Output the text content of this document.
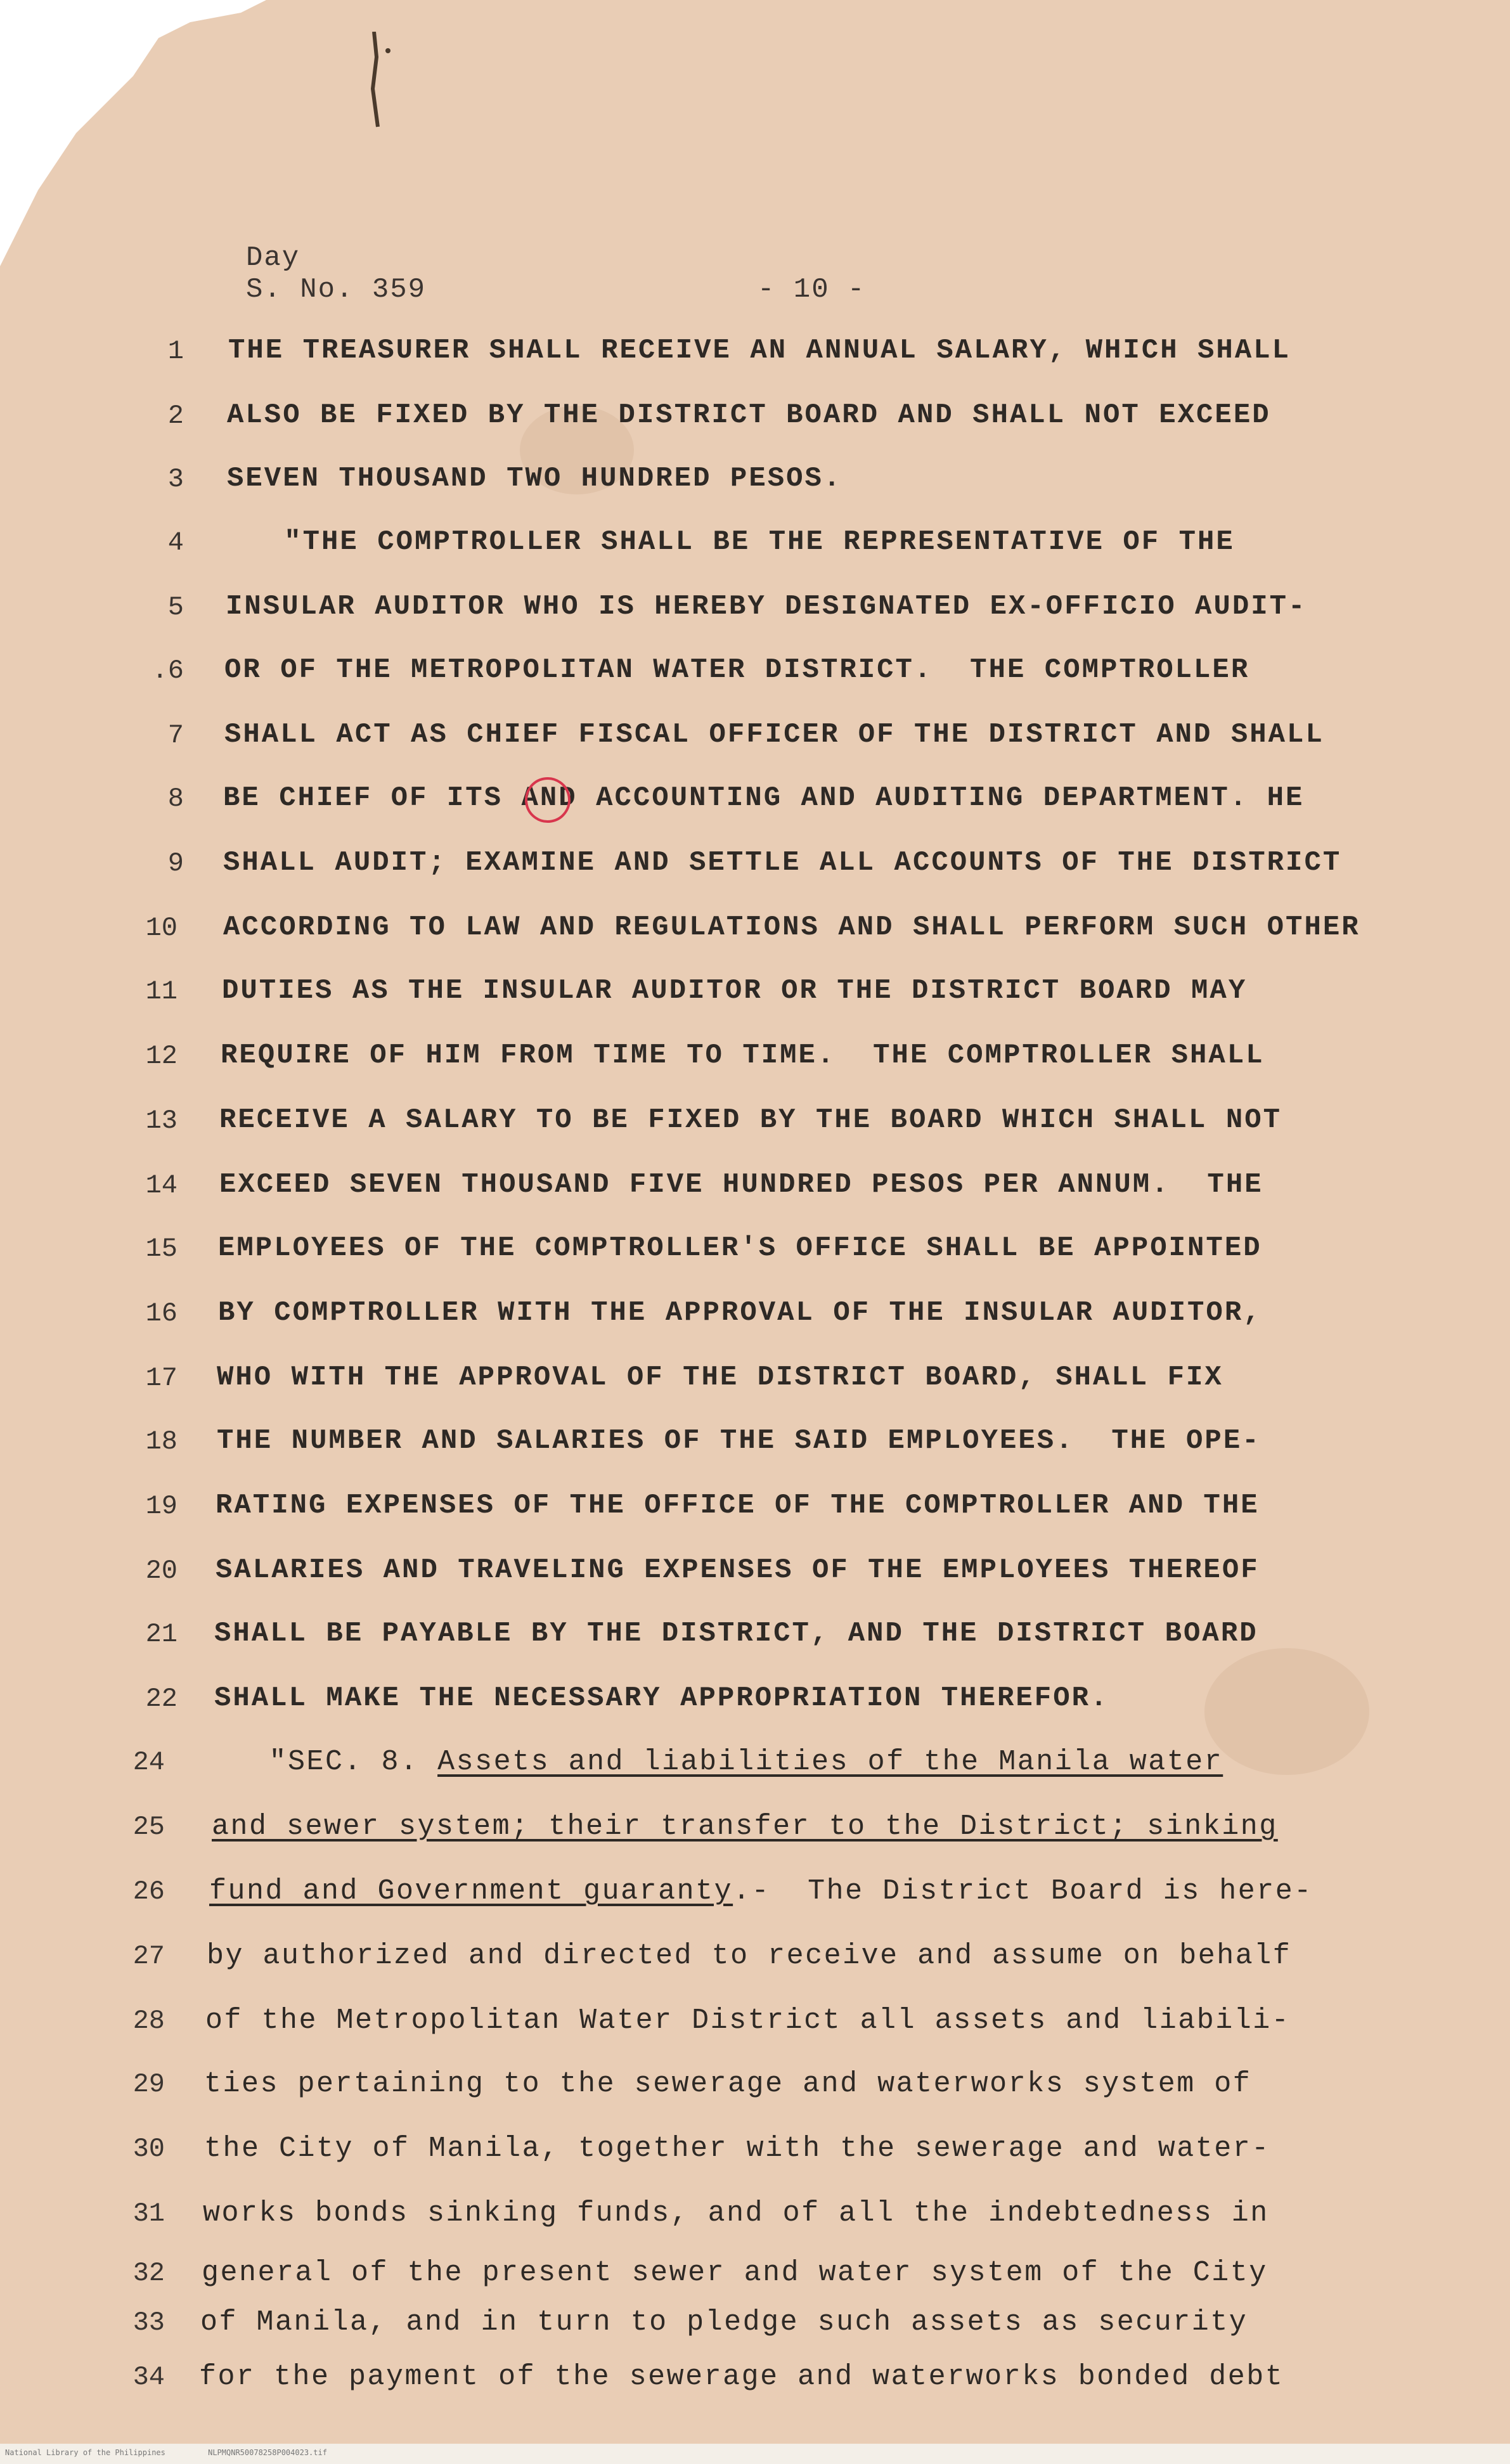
Day
S. No. 359	- 10 -
1 THE TREASURER SHALL RECEIVE AN ANNUAL SALARY, WHICH SHALL
2 ALSO BE FIXED BY THE DISTRICT BOARD AND SHALL NOT EXCEED
3 SEVEN THOUSAND TWO HUNDRED PESOS.
4 "THE COMPTROLLER SHALL BE THE REPRESENTATIVE OF THE
5 INSULAR AUDITOR WHO IS HEREBY DESIGNATED EX-OFFICIO AUDIT-
.6 OR OF THE METROPOLITAN WATER DISTRICT.  THE COMPTROLLER
7 SHALL ACT AS CHIEF FISCAL OFFICER OF THE DISTRICT AND SHALL
8 BE CHIEF OF ITS AND ACCOUNTING AND AUDITING DEPARTMENT. HE
9 SHALL AUDIT; EXAMINE AND SETTLE ALL ACCOUNTS OF THE DISTRICT
10 ACCORDING TO LAW AND REGULATIONS AND SHALL PERFORM SUCH OTHER
11 DUTIES AS THE INSULAR AUDITOR OR THE DISTRICT BOARD MAY
12 REQUIRE OF HIM FROM TIME TO TIME.  THE COMPTROLLER SHALL
13 RECEIVE A SALARY TO BE FIXED BY THE BOARD WHICH SHALL NOT
14 EXCEED SEVEN THOUSAND FIVE HUNDRED PESOS PER ANNUM.  THE
15 EMPLOYEES OF THE COMPTROLLER'S OFFICE SHALL BE APPOINTED
16 BY COMPTROLLER WITH THE APPROVAL OF THE INSULAR AUDITOR,
17 WHO WITH THE APPROVAL OF THE DISTRICT BOARD, SHALL FIX
18 THE NUMBER AND SALARIES OF THE SAID EMPLOYEES.  THE OPE-
19 RATING EXPENSES OF THE OFFICE OF THE COMPTROLLER AND THE
20 SALARIES AND TRAVELING EXPENSES OF THE EMPLOYEES THEREOF
21 SHALL BE PAYABLE BY THE DISTRICT, AND THE DISTRICT BOARD
22 SHALL MAKE THE NECESSARY APPROPRIATION THEREFOR.
24 "SEC. 8. Assets and liabilities of the Manila water
25 and sewer system; their transfer to the District; sinking
26 fund and Government guaranty.-  The District Board is here-
27 by authorized and directed to receive and assume on behalf
28 of the Metropolitan Water District all assets and liabili-
29 ties pertaining to the sewerage and waterworks system of
30 the City of Manila, together with the sewerage and water-
31 works bonds sinking funds, and of all the indebtedness in
32 general of the present sewer and water system of the City
33 of Manila, and in turn to pledge such assets as security
34 for the payment of the sewerage and waterworks bonded debt
National Library of the Philippines	NLPMQNR50078258P004023.tif
